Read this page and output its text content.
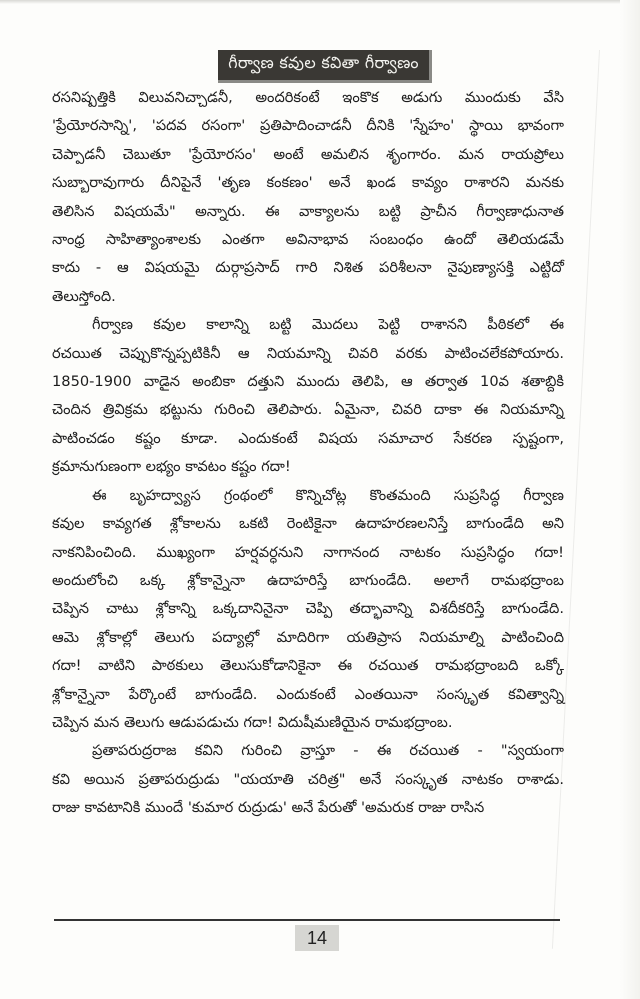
గీర్వాణ కవుల కవితా గీర్వాణం
రసనిష్పత్తికి విలువనిచ్చాడనీ, అందరికంటే ఇంకొక అడుగు ముందుకు వేసి
'ప్రేయోరసాన్ని', 'పదవ రసంగా' ప్రతిపాదించాడనీ దీనికి 'స్నేహం' స్థాయి భావంగా
చెప్పాడనీ చెబుతూ 'ప్రేయోరసం' అంటే అమలిన శృంగారం. మన రాయప్రోలు
సుబ్బారావుగారు దీనిపైనే 'తృణ కంకణం' అనే ఖండ కావ్యం రాశారని మనకు
తెలిసిన విషయమే" అన్నారు. ఈ వాక్యాలను బట్టి ప్రాచీన గీర్వాణాధునాత
నాంధ్ర సాహిత్యాంశాలకు ఎంతగా అవినాభావ సంబంధం ఉందో తెలియడమే
కాదు - ఆ విషయమై దుర్గాప్రసాద్ గారి నిశిత పరిశీలనా నైపుణ్యాసక్తి ఎట్టిదో
తెలుస్తోంది.
గీర్వాణ కవుల కాలాన్ని బట్టి మొదలు పెట్టి రాశానని పీఠికలో ఈ
రచయిత చెప్పుకొన్నప్పటికినీ ఆ నియమాన్ని చివరి వరకు పాటించలేకపోయారు.
1850-1900 వాడైన అంబికా దత్తుని ముందు తెలిపి, ఆ తర్వాత 10వ శతాబ్దికి
చెందిన త్రివిక్రమ భట్టును గురించి తెలిపారు. ఏమైనా, చివరి దాకా ఈ నియమాన్ని
పాటించడం కష్టం కూడా. ఎందుకంటే విషయ సమాచార సేకరణ స్పష్టంగా,
క్రమానుగుణంగా లభ్యం కావటం కష్టం గదా!
ఈ బృహద్వ్యాస గ్రంథంలో కొన్నిచోట్ల కొంతమంది సుప్రసిద్ధ గీర్వాణ
కవుల కావ్యగత శ్లోకాలను ఒకటి రెంటికైనా ఉదాహరణలనిస్తే బాగుండేది అని
నాకనిపించింది. ముఖ్యంగా హర్షవర్ధనుని నాగానంద నాటకం సుప్రసిద్ధం గదా!
అందులోంచి ఒక్క శ్లోకాన్నైనా ఉదాహరిస్తే బాగుండేది. అలాగే రామభద్రాంబ
చెప్పిన చాటు శ్లోకాన్ని ఒక్కదానినైనా చెప్పి తద్భావాన్ని విశదీకరిస్తే బాగుండేది.
ఆమె శ్లోకాల్లో తెలుగు పద్యాల్లో మాదిరిగా యతిప్రాస నియమాల్ని పాటించింది
గదా! వాటిని పాఠకులు తెలుసుకోడానికైనా ఈ రచయిత రామభద్రాంబది ఒక్కో
శ్లోకాన్నైనా పేర్కొంటే బాగుండేది. ఎందుకంటే ఎంతయినా సంస్కృత కవిత్వాన్ని
చెప్పిన మన తెలుగు ఆడుపడుచు గదా! విదుషీమణియైన రామభద్రాంబ.
ప్రతాపరుద్రరాజ కవిని గురించి వ్రాస్తూ - ఈ రచయిత - "స్వయంగా
కవి అయిన ప్రతాపరుద్రుడు "యయాతి చరిత్ర" అనే సంస్కృత నాటకం రాశాడు.
రాజు కావటానికి ముందే 'కుమార రుద్రుడు' అనే పేరుతో 'అమరుక రాజు రాసిన
14
